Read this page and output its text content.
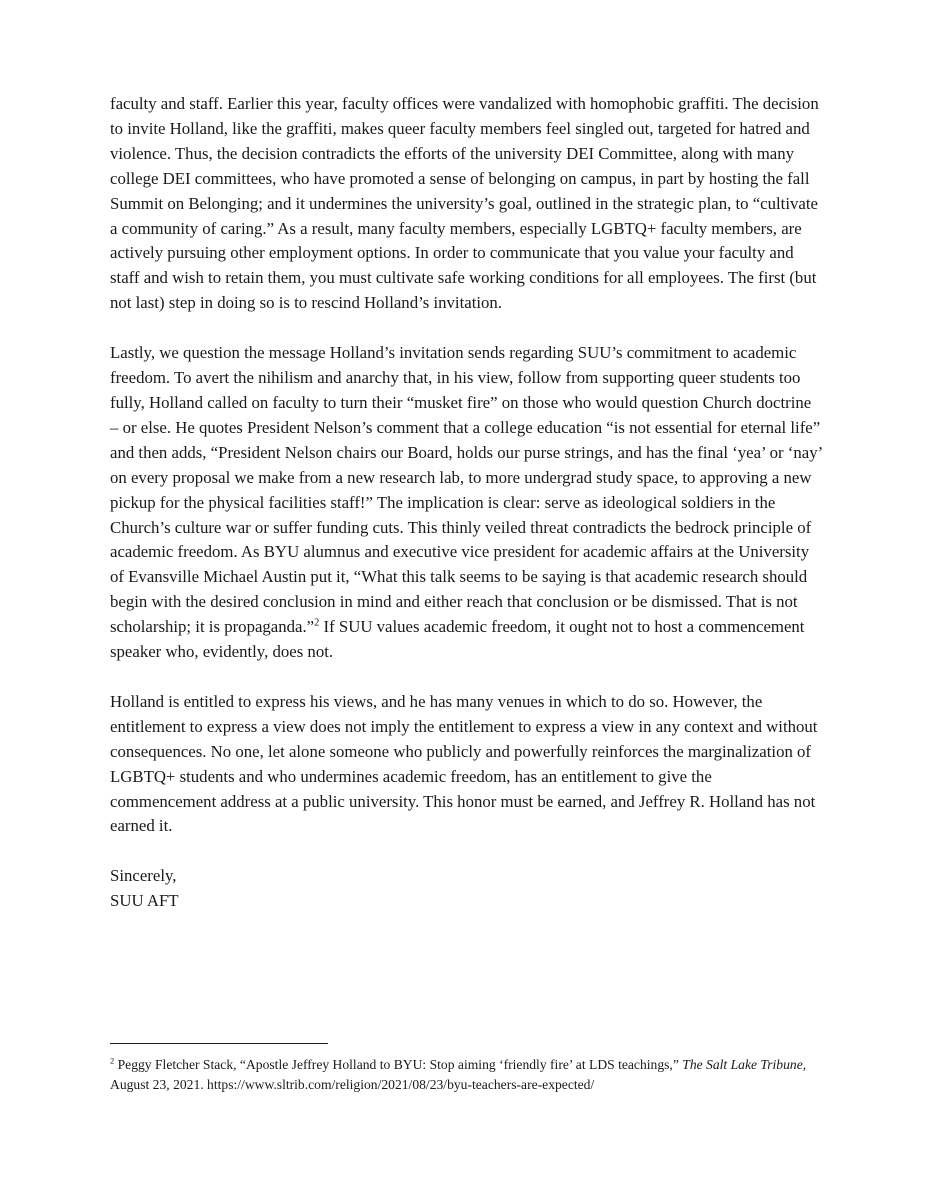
faculty and staff. Earlier this year, faculty offices were vandalized with homophobic graffiti. The decision to invite Holland, like the graffiti, makes queer faculty members feel singled out, targeted for hatred and violence. Thus, the decision contradicts the efforts of the university DEI Committee, along with many college DEI committees, who have promoted a sense of belonging on campus, in part by hosting the fall Summit on Belonging; and it undermines the university’s goal, outlined in the strategic plan, to “cultivate a community of caring.” As a result, many faculty members, especially LGBTQ+ faculty members, are actively pursuing other employment options. In order to communicate that you value your faculty and staff and wish to retain them, you must cultivate safe working conditions for all employees. The first (but not last) step in doing so is to rescind Holland’s invitation.

Lastly, we question the message Holland’s invitation sends regarding SUU’s commitment to academic freedom. To avert the nihilism and anarchy that, in his view, follow from supporting queer students too fully, Holland called on faculty to turn their “musket fire” on those who would question Church doctrine – or else. He quotes President Nelson’s comment that a college education “is not essential for eternal life” and then adds, “President Nelson chairs our Board, holds our purse strings, and has the final ‘yea’ or ‘nay’ on every proposal we make from a new research lab, to more undergrad study space, to approving a new pickup for the physical facilities staff!” The implication is clear: serve as ideological soldiers in the Church’s culture war or suffer funding cuts. This thinly veiled threat contradicts the bedrock principle of academic freedom. As BYU alumnus and executive vice president for academic affairs at the University of Evansville Michael Austin put it, “What this talk seems to be saying is that academic research should begin with the desired conclusion in mind and either reach that conclusion or be dismissed. That is not scholarship; it is propaganda.”$^2$ If SUU values academic freedom, it ought not to host a commencement speaker who, evidently, does not.

Holland is entitled to express his views, and he has many venues in which to do so. However, the entitlement to express a view does not imply the entitlement to express a view in any context and without consequences. No one, let alone someone who publicly and powerfully reinforces the marginalization of LGBTQ+ students and who undermines academic freedom, has an entitlement to give the commencement address at a public university. This honor must be earned, and Jeffrey R. Holland has not earned it.

Sincerely,
SUU AFT
$^2$ Peggy Fletcher Stack, “Apostle Jeffrey Holland to BYU: Stop aiming ‘friendly fire’ at LDS teachings,” The Salt Lake Tribune, August 23, 2021. https://www.sltrib.com/religion/2021/08/23/byu-teachers-are-expected/
